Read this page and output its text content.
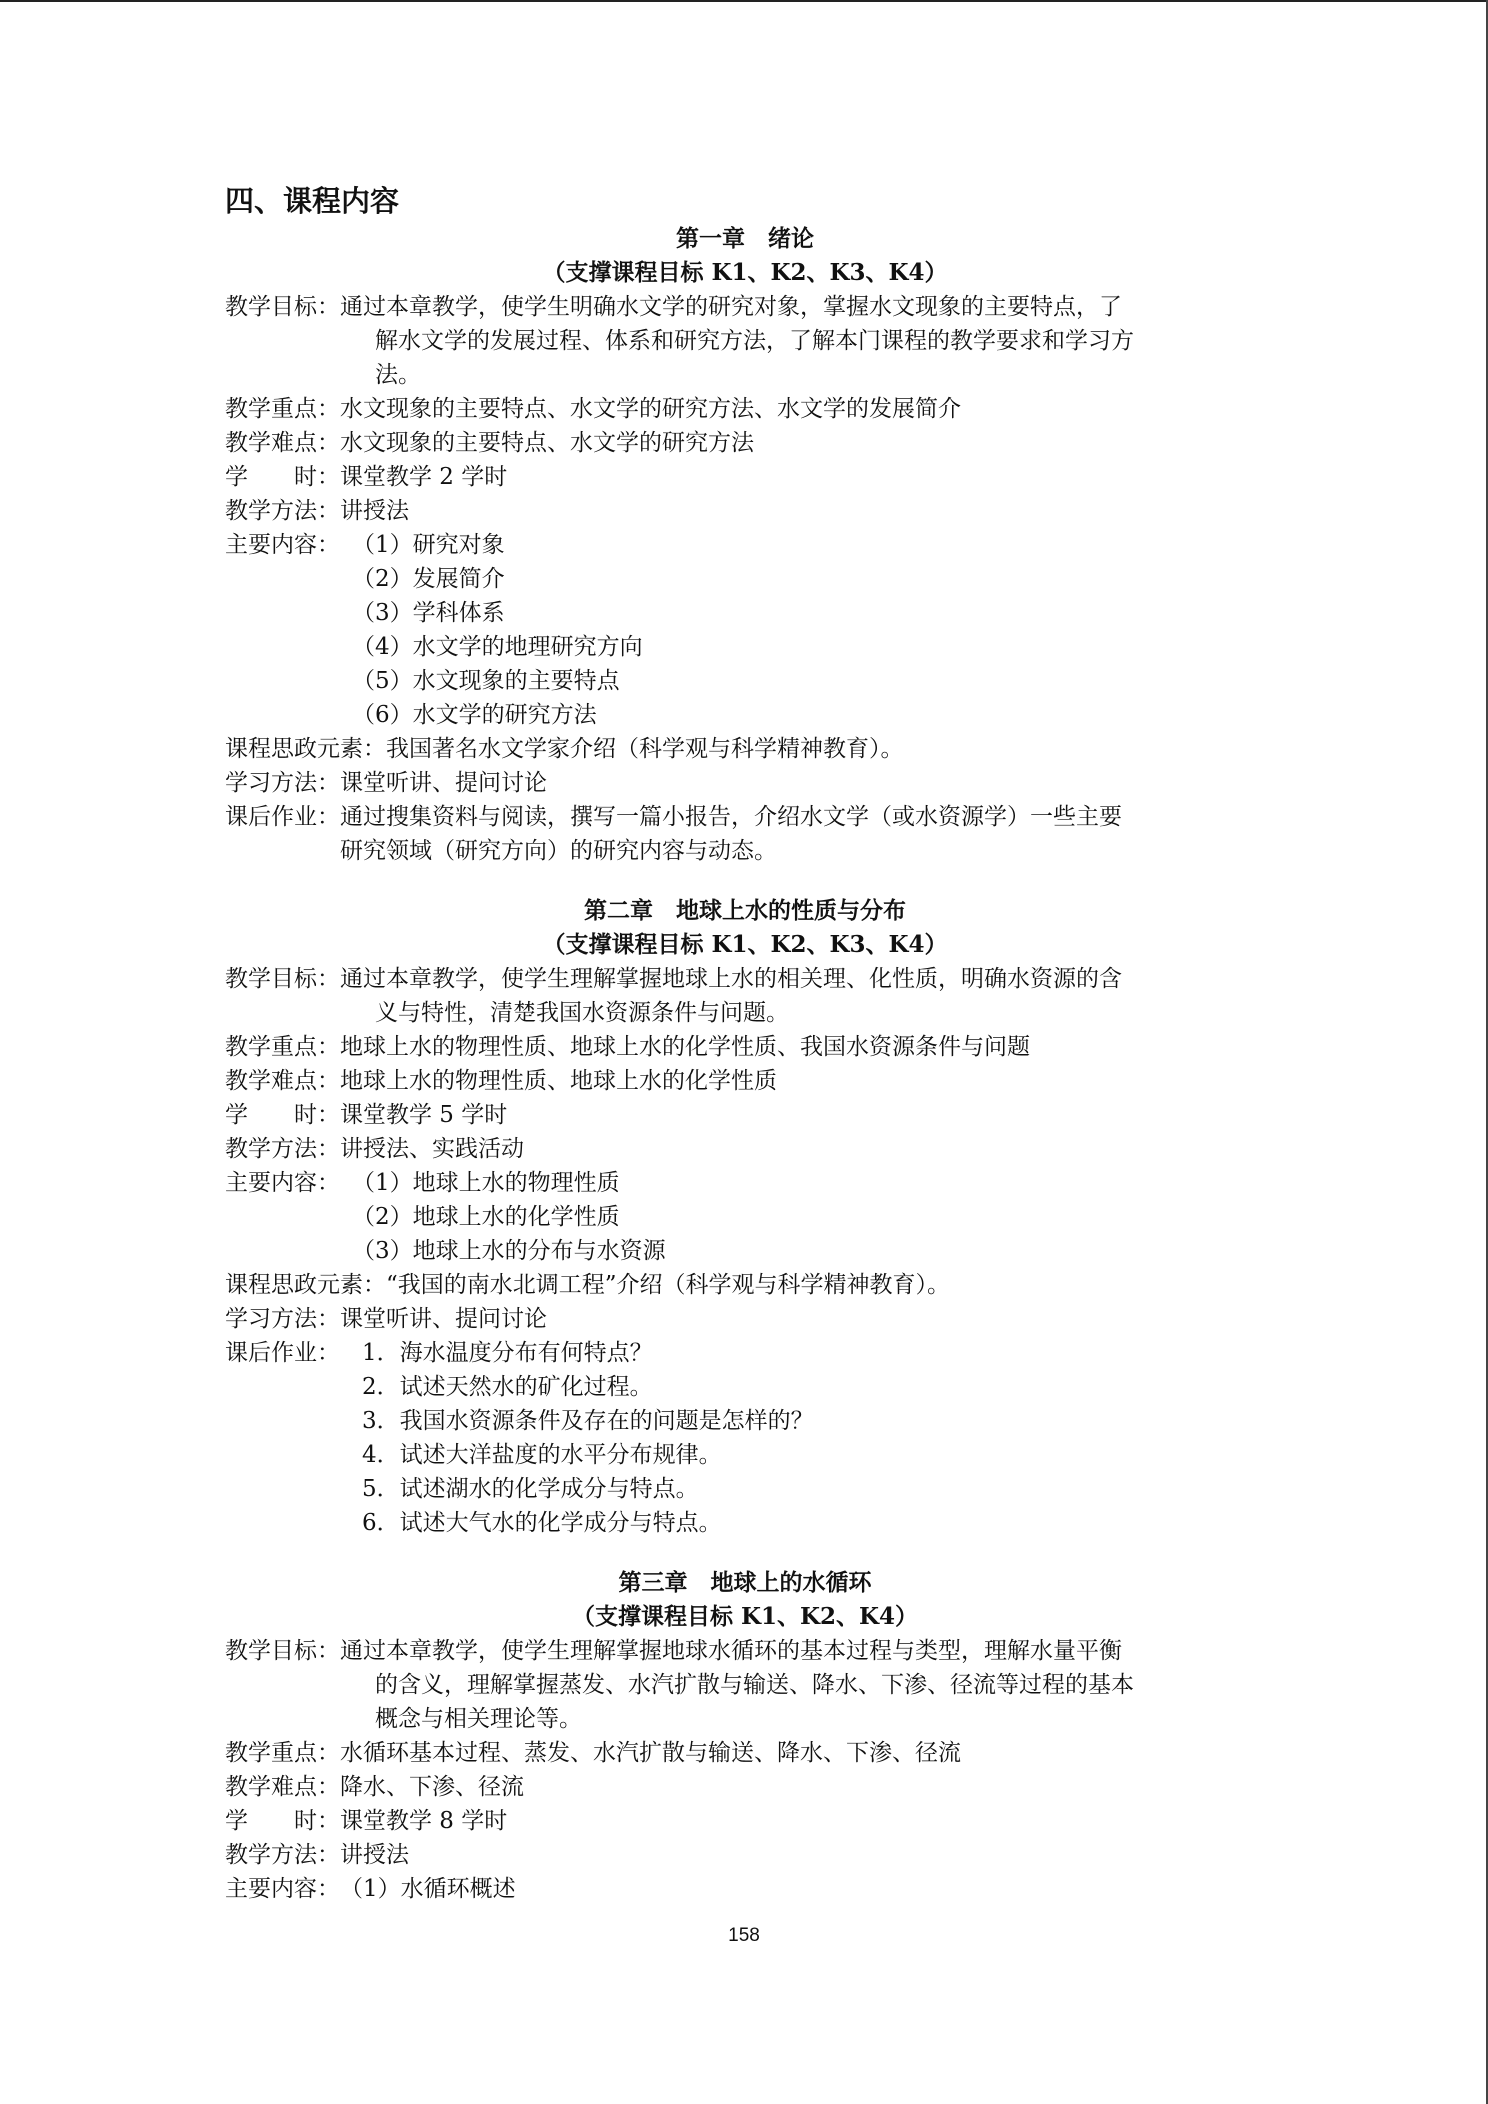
四、课程内容
第一章　绪论
（支撑课程目标 K1、K2、K3、K4）
教学目标： 通过本章教学，使学生明确水文学的研究对象，掌握水文现象的主要特点，了
解水文学的发展过程、体系和研究方法，了解本门课程的教学要求和学习方
法。
教学重点： 水文现象的主要特点、水文学的研究方法、水文学的发展简介
教学难点： 水文现象的主要特点、水文学的研究方法
学　　时： 课堂教学 2 学时
教学方法： 讲授法
主要内容： （1）研究对象
（2）发展简介
（3）学科体系
（4）水文学的地理研究方向
（5）水文现象的主要特点
（6）水文学的研究方法
课程思政元素： 我国著名水文学家介绍（科学观与科学精神教育）。
学习方法： 课堂听讲、提问讨论
课后作业： 通过搜集资料与阅读，撰写一篇小报告，介绍水文学（或水资源学）一些主要
研究领域（研究方向）的研究内容与动态。
第二章　地球上水的性质与分布
（支撑课程目标 K1、K2、K3、K4）
教学目标： 通过本章教学，使学生理解掌握地球上水的相关理、化性质，明确水资源的含
义与特性，清楚我国水资源条件与问题。
教学重点： 地球上水的物理性质、地球上水的化学性质、我国水资源条件与问题
教学难点： 地球上水的物理性质、地球上水的化学性质
学　　时： 课堂教学 5 学时
教学方法： 讲授法、实践活动
主要内容： （1）地球上水的物理性质
（2）地球上水的化学性质
（3）地球上水的分布与水资源
课程思政元素： “我国的南水北调工程”介绍（科学观与科学精神教育）。
学习方法： 课堂听讲、提问讨论
课后作业： 1．海水温度分布有何特点？
2．试述天然水的矿化过程。
3．我国水资源条件及存在的问题是怎样的？
4．试述大洋盐度的水平分布规律。
5．试述湖水的化学成分与特点。
6．试述大气水的化学成分与特点。
第三章　地球上的水循环
（支撑课程目标 K1、K2、K4）
教学目标： 通过本章教学，使学生理解掌握地球水循环的基本过程与类型，理解水量平衡
的含义，理解掌握蒸发、水汽扩散与输送、降水、下渗、径流等过程的基本
概念与相关理论等。
教学重点： 水循环基本过程、蒸发、水汽扩散与输送、降水、下渗、径流
教学难点： 降水、下渗、径流
学　　时： 课堂教学 8 学时
教学方法： 讲授法
主要内容： （1）水循环概述
158
